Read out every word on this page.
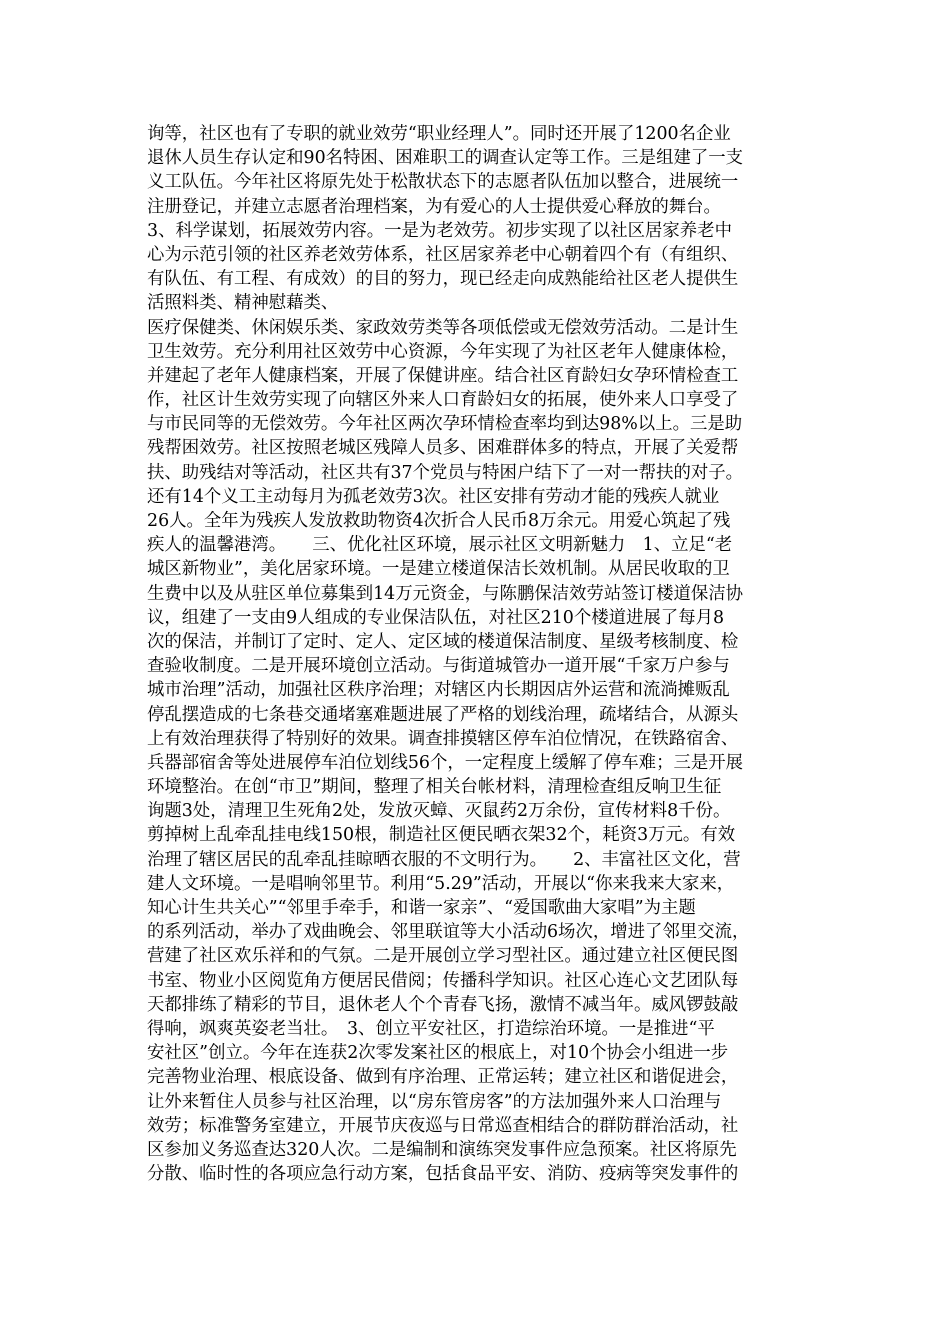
询等，社区也有了专职的就业效劳“职业经理人”。同时还开展了1200名企业
退休人员生存认定和90名特困、困难职工的调查认定等工作。三是组建了一支
义工队伍。今年社区将原先处于松散状态下的志愿者队伍加以整合，进展统一
注册登记，并建立志愿者治理档案，为有爱心的人士提供爱心释放的舞台。
3、科学谋划，拓展效劳内容。一是为老效劳。初步实现了以社区居家养老中
心为示范引领的社区养老效劳体系，社区居家养老中心朝着四个有（有组织、
有队伍、有工程、有成效）的目的努力，现已经走向成熟能给社区老人提供生
活照料类、精神慰藉类、
医疗保健类、休闲娱乐类、家政效劳类等各项低偿或无偿效劳活动。二是计生
卫生效劳。充分利用社区效劳中心资源，今年实现了为社区老年人健康体检，
并建起了老年人健康档案，开展了保健讲座。结合社区育龄妇女孕环情检查工
作，社区计生效劳实现了向辖区外来人口育龄妇女的拓展，使外来人口享受了
与市民同等的无偿效劳。今年社区两次孕环情检查率均到达98%以上。三是助
残帮困效劳。社区按照老城区残障人员多、困难群体多的特点，开展了关爱帮
扶、助残结对等活动，社区共有37个党员与特困户结下了一对一帮扶的对子。
还有14个义工主动每月为孤老效劳3次。社区安排有劳动才能的残疾人就业
26人。全年为残疾人发放救助物资4次折合人民币8万余元。用爱心筑起了残
疾人的温馨港湾。　　三、优化社区环境，展示社区文明新魅力　1、立足“老
城区新物业”，美化居家环境。一是建立楼道保洁长效机制。从居民收取的卫
生费中以及从驻区单位募集到14万元资金，与陈鹏保洁效劳站签订楼道保洁协
议，组建了一支由9人组成的专业保洁队伍，对社区210个楼道进展了每月8
次的保洁，并制订了定时、定人、定区域的楼道保洁制度、星级考核制度、检
查验收制度。二是开展环境创立活动。与街道城管办一道开展“千家万户参与
城市治理”活动，加强社区秩序治理；对辖区内长期因店外运营和流淌摊贩乱
停乱摆造成的七条巷交通堵塞难题进展了严格的划线治理，疏堵结合，从源头
上有效治理获得了特别好的效果。调查排摸辖区停车泊位情况，在铁路宿舍、
兵器部宿舍等处进展停车泊位划线56个，一定程度上缓解了停车难；三是开展
环境整治。在创“市卫”期间，整理了相关台帐材料，清理检查组反响卫生征
询题3处，清理卫生死角2处，发放灭蟑、灭鼠药2万余份，宣传材料8千份。
剪掉树上乱牵乱挂电线150根，制造社区便民晒衣架32个，耗资3万元。有效
治理了辖区居民的乱牵乱挂晾晒衣服的不文明行为。　　2、丰富社区文化，营
建人文环境。一是唱响邻里节。利用“5.29”活动，开展以“你来我来大家来，
知心计生共关心”“邻里手牵手，和谐一家亲”、“爱国歌曲大家唱”为主题
的系列活动，举办了戏曲晚会、邻里联谊等大小活动6场次，增进了邻里交流，
营建了社区欢乐祥和的气氛。二是开展创立学习型社区。通过建立社区便民图
书室、物业小区阅览角方便居民借阅；传播科学知识。社区心连心文艺团队每
天都排练了精彩的节目，退休老人个个青春飞扬，激情不减当年。威风锣鼓敲
得响，飒爽英姿老当壮。　3、创立平安社区，打造综治环境。一是推进“平
安社区”创立。今年在连获2次零发案社区的根底上，对10个协会小组进一步
完善物业治理、根底设备、做到有序治理、正常运转；建立社区和谐促进会，
让外来暂住人员参与社区治理，以“房东管房客”的方法加强外来人口治理与
效劳；标准警务室建立，开展节庆夜巡与日常巡查相结合的群防群治活动，社
区参加义务巡查达320人次。二是编制和演练突发事件应急预案。社区将原先
分散、临时性的各项应急行动方案，包括食品平安、消防、疫病等突发事件的
